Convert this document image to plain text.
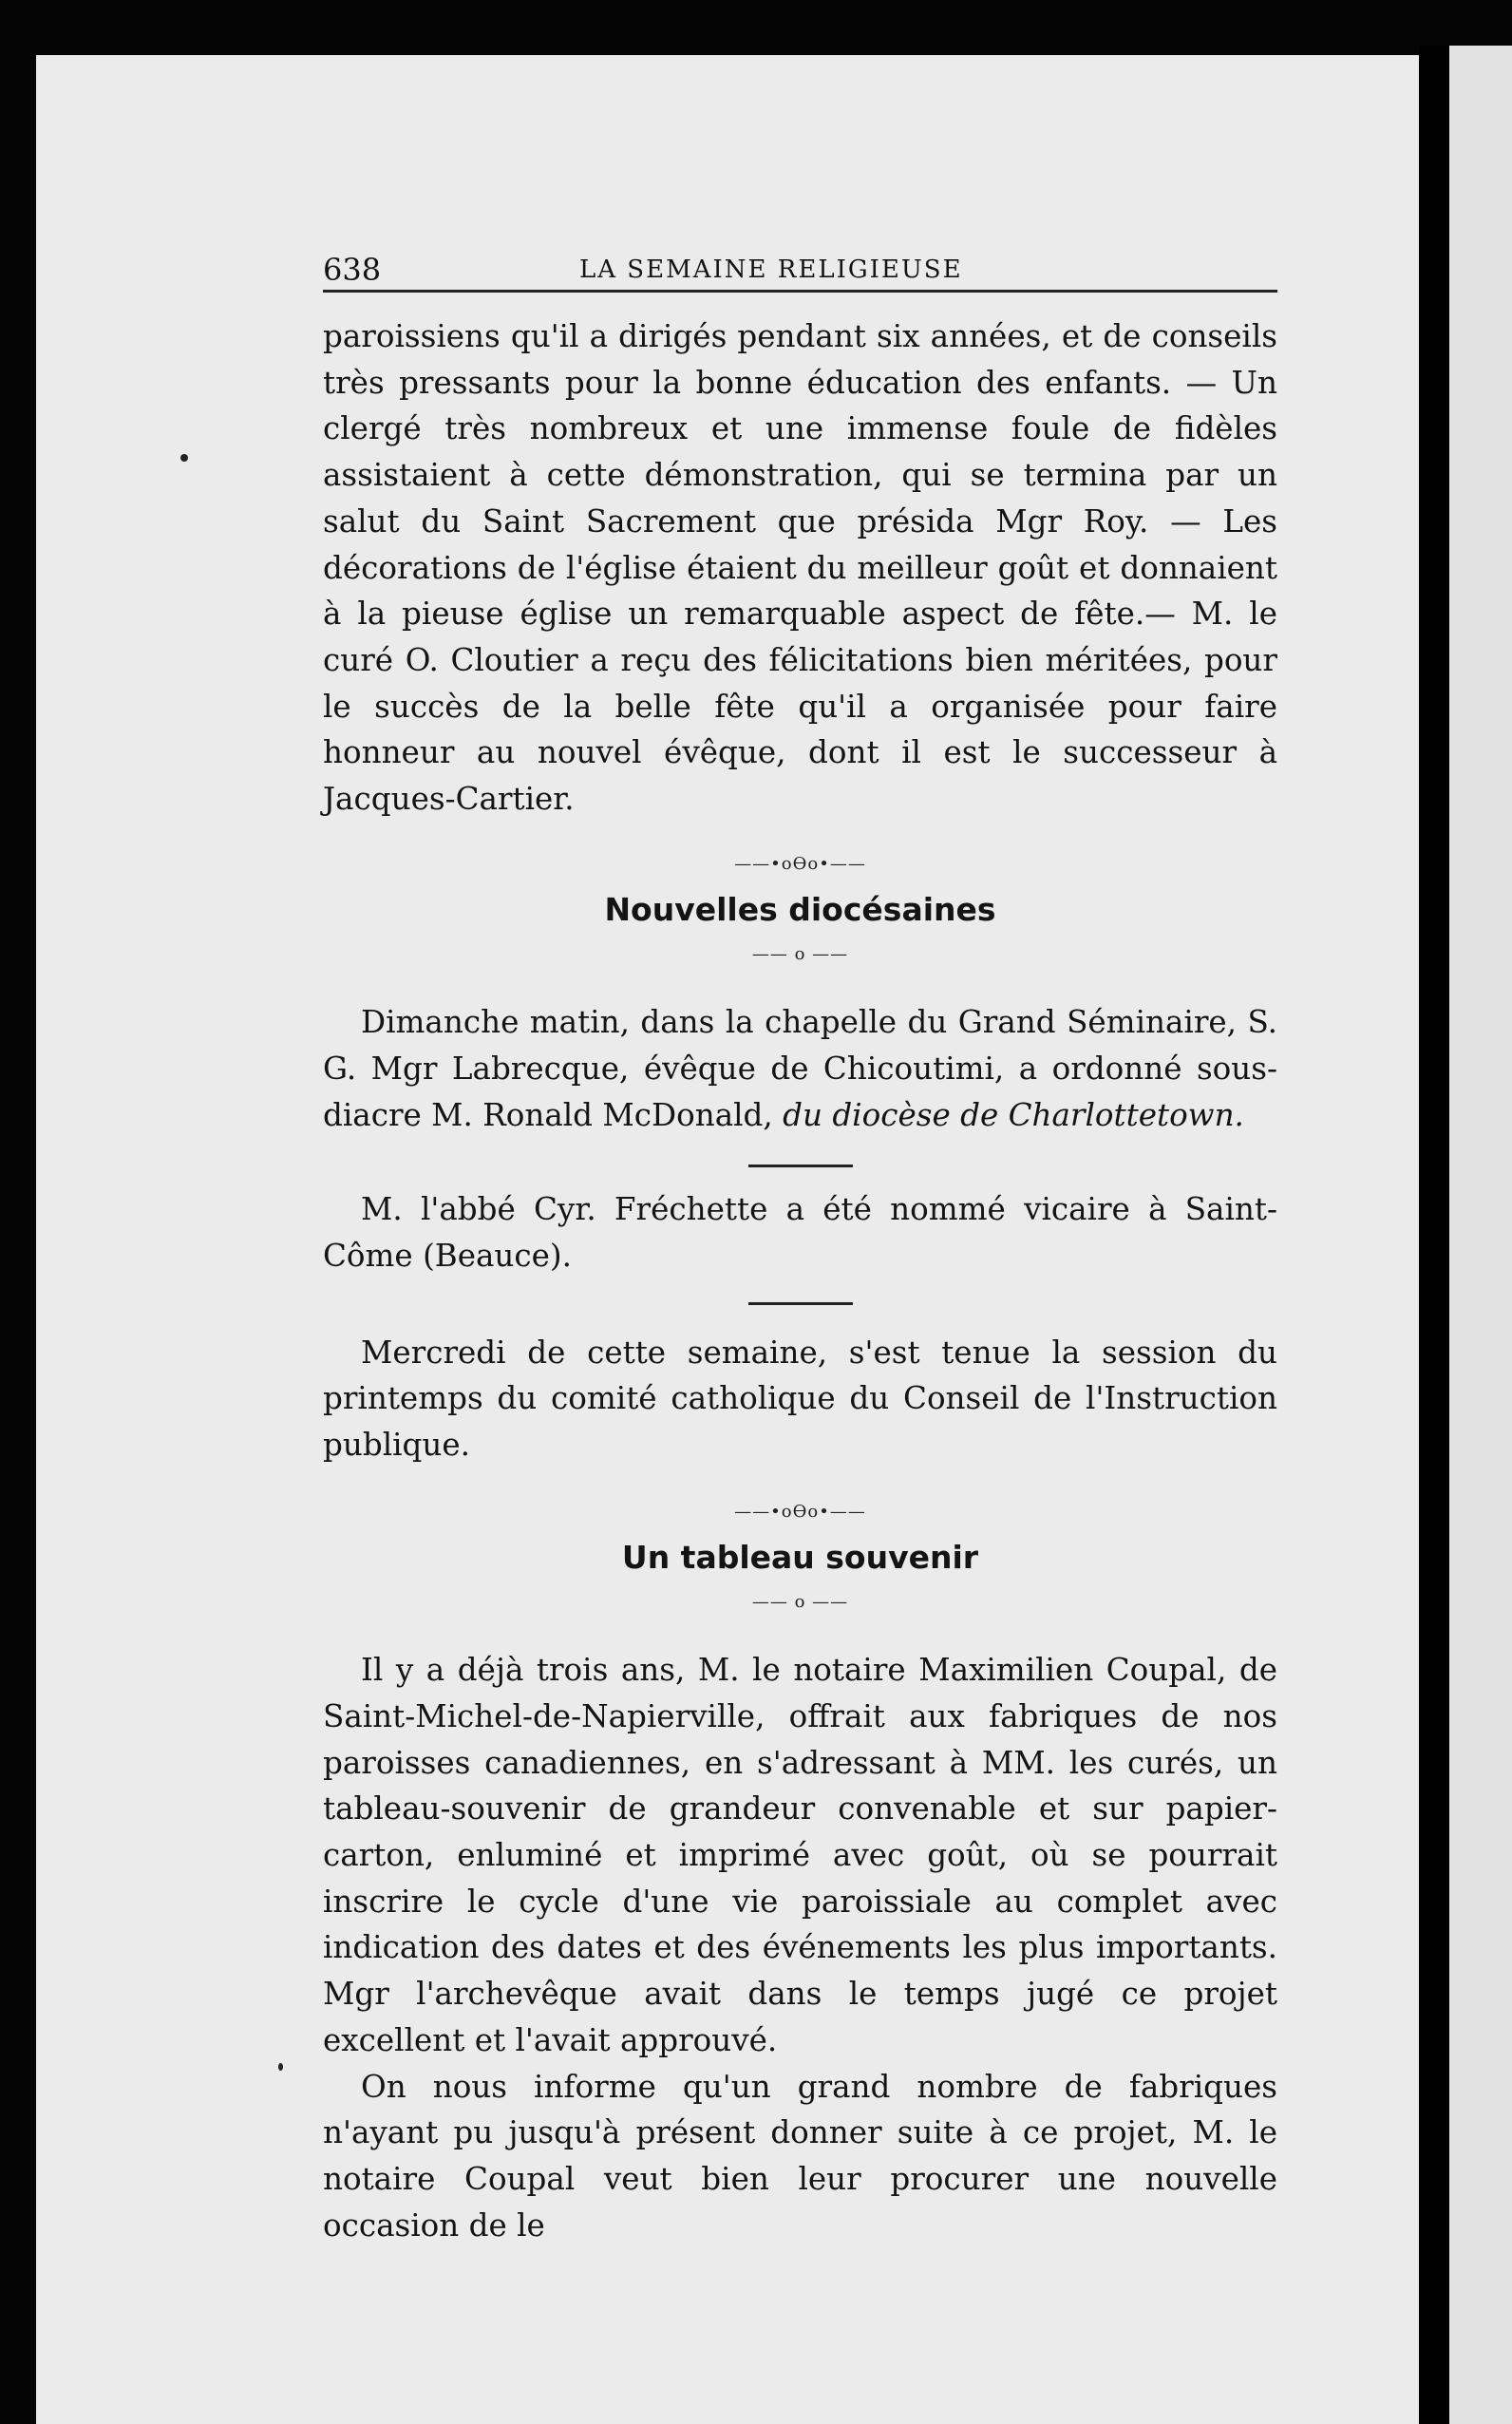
638	LA SEMAINE RELIGIEUSE

paroissiens qu'il a dirigés pendant six années, et de conseils très pressants pour la bonne éducation des enfants. — Un clergé très nombreux et une immense foule de fidèles assistaient à cette démonstration, qui se termina par un salut du Saint Sacrement que présida Mgr Roy. — Les décorations de l'église étaient du meilleur goût et donnaient à la pieuse église un remarquable aspect de fête.— M. le curé O. Cloutier a reçu des félicitations bien méritées, pour le succès de la belle fête qu'il a organisée pour faire honneur au nouvel évêque, dont il est le successeur à Jacques-Cartier.

——•oƟo•——

Nouvelles diocésaines

—— o ——

Dimanche matin, dans la chapelle du Grand Séminaire, S. G. Mgr Labrecque, évêque de Chicoutimi, a ordonné sous-diacre M. Ronald McDonald, du diocèse de Charlottetown.

M. l'abbé Cyr. Fréchette a été nommé vicaire à Saint-Côme (Beauce).

Mercredi de cette semaine, s'est tenue la session du printemps du comité catholique du Conseil de l'Instruction publique.

——•oƟo•——

Un tableau souvenir

—— o ——

Il y a déjà trois ans, M. le notaire Maximilien Coupal, de Saint-Michel-de-Napierville, offrait aux fabriques de nos paroisses canadiennes, en s'adressant à MM. les curés, un tableau-souvenir de grandeur convenable et sur papier-carton, enluminé et imprimé avec goût, où se pourrait inscrire le cycle d'une vie paroissiale au complet avec indication des dates et des événements les plus importants. Mgr l'archevêque avait dans le temps jugé ce projet excellent et l'avait approuvé.

On nous informe qu'un grand nombre de fabriques n'ayant pu jusqu'à présent donner suite à ce projet, M. le notaire Coupal veut bien leur procurer une nouvelle occasion de le
